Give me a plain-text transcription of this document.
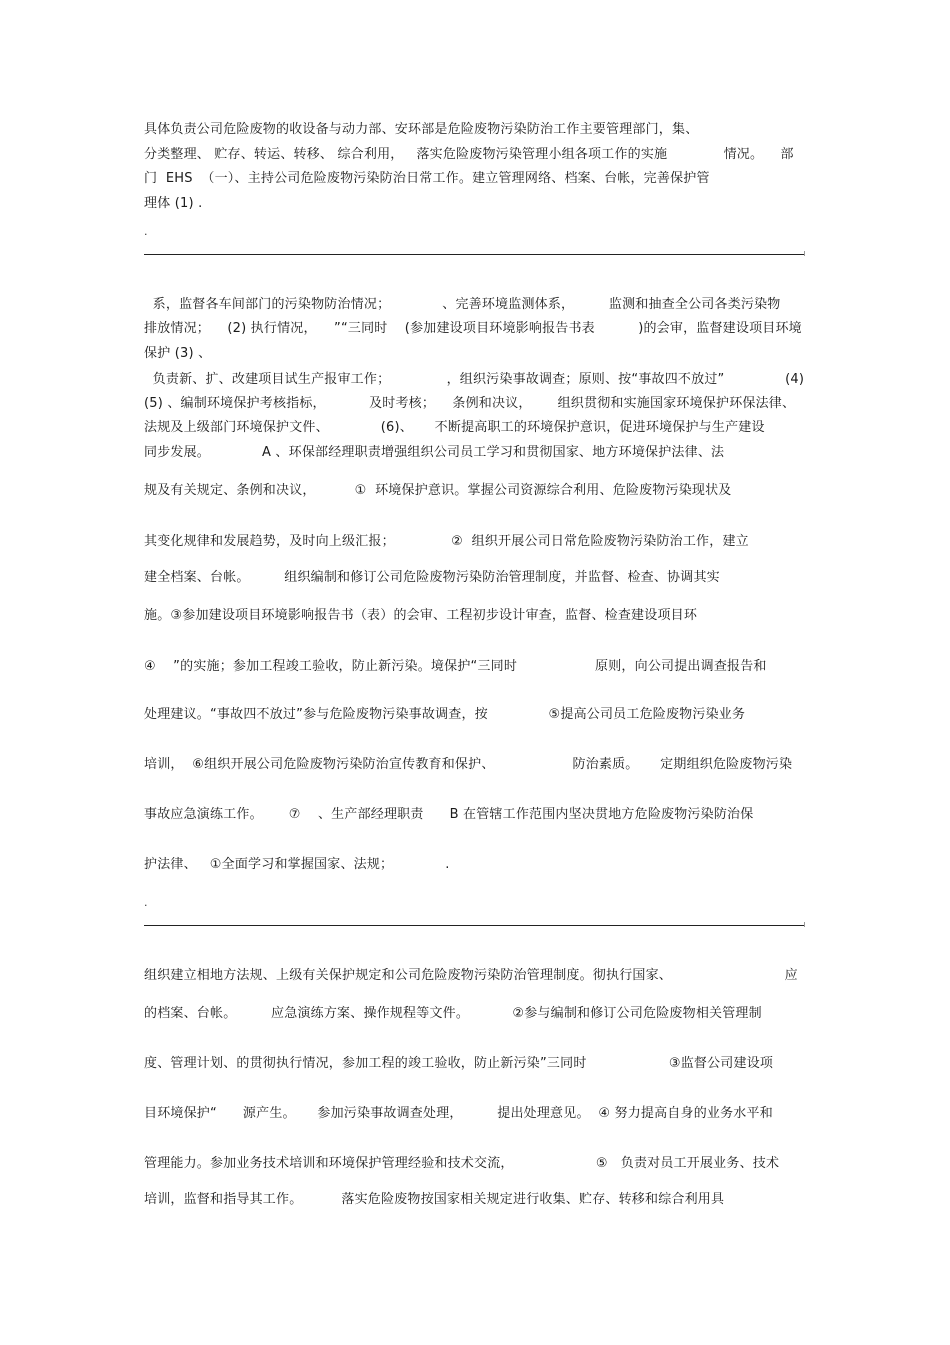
具体负责公司危险废物的收设备与动力部、安环部是危险废物污染防治工作主要管理部门，集、
分类整理、 贮存、转运、转移、 综合利用，   落实危险废物污染管理小组各项工作的实施             情况。    部
门  EHS  （一）、主持公司危险废物污染防治日常工作。建立管理网络、档案、台帐，完善保护管
理体 (1) .
.
系，监督各车间部门的污染物防治情况；            、完善环境监测体系，        监测和抽查全公司各类污染物
排放情况；    (2) 执行情况，    ”“三同时    (参加建设项目环境影响报告书表          )的会审，监督建设项目环境
保护 (3) 、
负责新、扩、改建项目试生产报审工作；             ，组织污染事故调查；原则、按“事故四不放过”              (4)
(5) 、编制环境保护考核指标，          及时考核；    条例和决议，      组织贯彻和实施国家环境保护环保法律、
法规及上级部门环境保护文件、            (6)、     不断提高职工的环境保护意识，促进环境保护与生产建设
同步发展。            A 、环保部经理职责增强组织公司员工学习和贯彻国家、地方环境保护法律、法
规及有关规定、条例和决议，         ①  环境保护意识。掌握公司资源综合利用、危险废物污染现状及
其变化规律和发展趋势，及时向上级汇报；             ②  组织开展公司日常危险废物污染防治工作，建立
建全档案、台帐。        组织编制和修订公司危险废物污染防治管理制度，并监督、检查、协调其实
施。③参加建设项目环境影响报告书（表）的会审、工程初步设计审查，监督、检查建设项目环
④    ”的实施；参加工程竣工验收，防止新污染。境保护“三同时                  原则，向公司提出调查报告和
处理建议。“事故四不放过”参与危险废物污染事故调查，按              ⑤提高公司员工危险废物污染业务
培训，  ⑥组织开展公司危险废物污染防治宣传教育和保护、                  防治素质。     定期组织危险废物污染
事故应急演练工作。      ⑦    、生产部经理职责      B 在管辖工作范围内坚决贯地方危险废物污染防治保
护法律、   ①全面学习和掌握国家、法规；            .
.
组织建立相地方法规、上级有关保护规定和公司危险废物污染防治管理制度。彻执行国家、                          应
的档案、台帐。        应急演练方案、操作规程等文件。          ②参与编制和修订公司危险废物相关管理制
度、管理计划、的贯彻执行情况，参加工程的竣工验收，防止新污染”三同时                   ③监督公司建设项
目环境保护“      源产生。     参加污染事故调查处理，        提出处理意见。  ④ 努力提高自身的业务水平和
管理能力。参加业务技术培训和环境保护管理经验和技术交流，                   ⑤   负责对员工开展业务、技术
培训，监督和指导其工作。         落实危险废物按国家相关规定进行收集、贮存、转移和综合利用具
